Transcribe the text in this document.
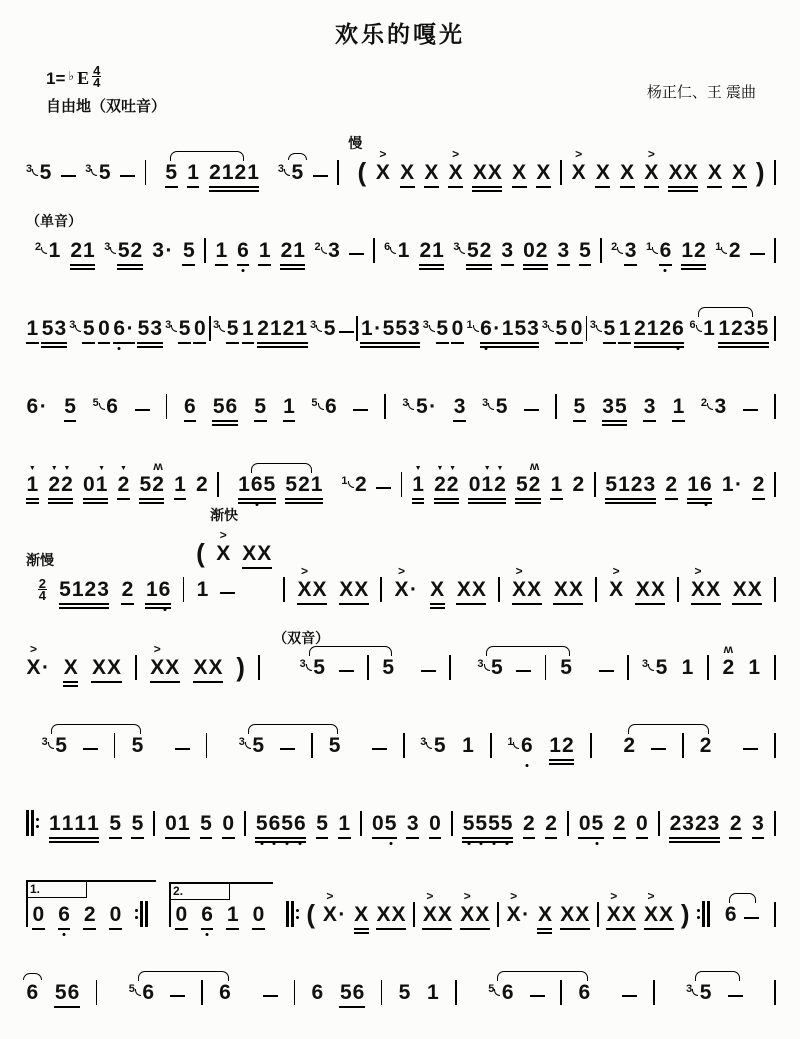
欢乐的嘎光
1= ♭ E $\frac{4}{4}$
自由地（双吐音）
杨正仁、王 震曲
3 5	3 5	5 1 2121 3 5
慢
( X
>
X X X
>
XX X X X
>
X X X
>
XX X X )
（单音）
2 1 21 3 52 3· 5 1 6 1 21 2 3	6 1 21 3 52 3 02 3 5 2 3 1 6 12 1 2
1 53 3 5 0 6
· 53 3 5 0 3 5 1 2121 3 5 1·553 3 5 0 1 6
·153 3 5 0 3 5 1 2126 6 1 1235
6· 5 5 6	6 56 5 1 5 6	3 5· 3 3 5	5 35 3 1 2 3
1
▼
2
▼
2
▼
01
▼
2
▼
52
ʍ
1 2 16
5 521 1 2 1
▼
2
▼
2
▼
01
▼
2
▼
52
ʍ
1 2 5123 2 16 1· 2
渐慢
$\frac{2}{4} 5123$ 2 16
渐快
( X
>
XX
1	X
>
X XX X
>
· X XX X
>
X XX X
>
XX X
>
X XX
X
>
· X XX X
>
X XX )
（双音）
3 5	5	3 5	5	3 5 1 2
ʍ
1
3 5	5	3 5	5	3 5 1	1 6 12 2	2
1111 5 5 01 5 0 5
6
5
6 5 1 05 3 0 5
5
5
5 2 2 05 2 0 2323 2 3
1.
0 6 2 0
2.
0 6 1 0 ( X
>
· X XX X
>
X X
>
X X
>
· X XX X
>
X X
>
X ) 6
6 56	5 6	6	6 56 5 1	5 6	6	3 5
